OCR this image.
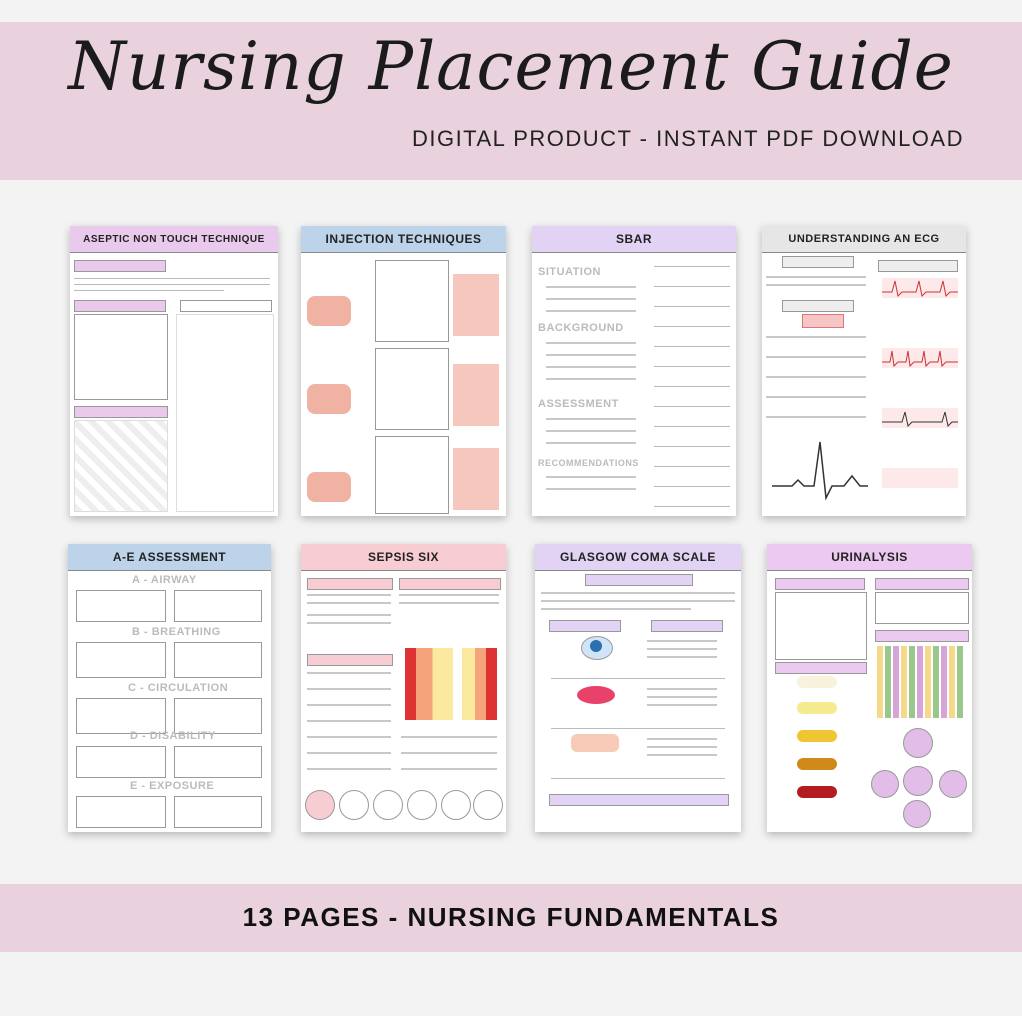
Nursing Placement Guide
DIGITAL PRODUCT - INSTANT PDF DOWNLOAD
ASEPTIC NON TOUCH TECHNIQUE	INJECTION TECHNIQUES	SBAR
SITUATION
BACKGROUND
ASSESSMENT
RECOMMENDATIONS
UNDERSTANDING AN ECG
A-E ASSESSMENT
A - AIRWAY
B - BREATHING
C - CIRCULATION
D - DISABILITY
E - EXPOSURE
SEPSIS SIX	GLASGOW COMA SCALE	URINALYSIS
13 PAGES - NURSING FUNDAMENTALS
